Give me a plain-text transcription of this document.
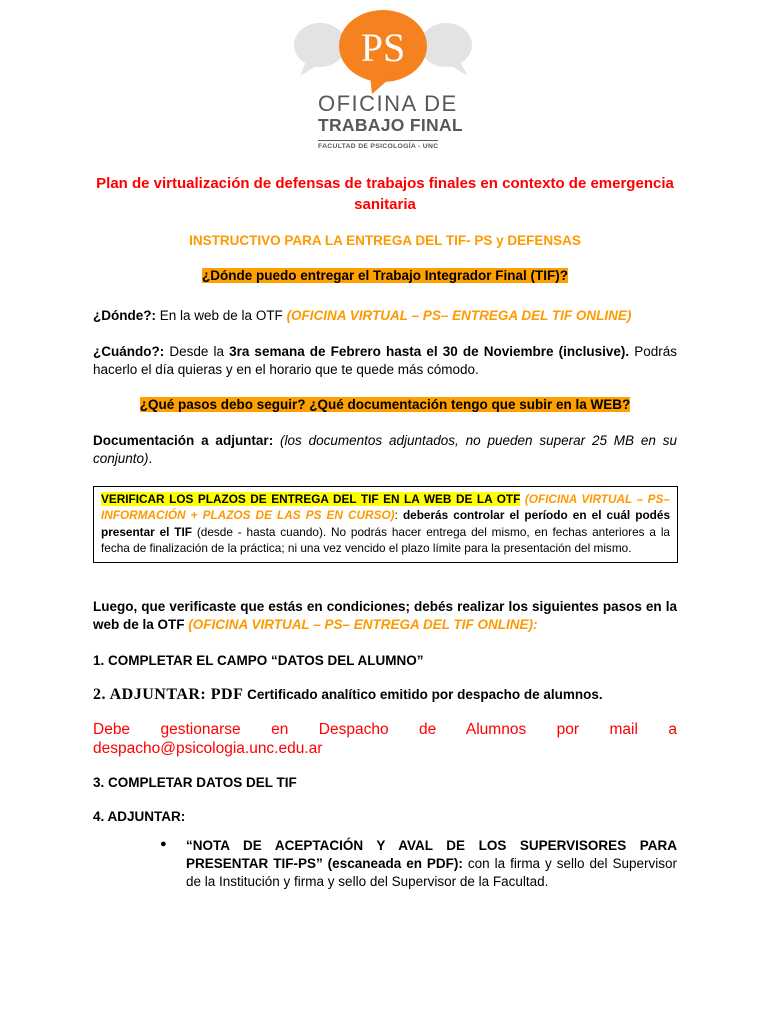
PS
OFICINA DE
TRABAJO FINAL
FACULTAD DE PSICOLOGÍA - UNC
Plan de virtualización de defensas de trabajos finales en contexto de emergencia sanitaria
INSTRUCTIVO PARA LA ENTREGA DEL TIF- PS y DEFENSAS
¿Dónde puedo entregar el Trabajo Integrador Final (TIF)?
¿Dónde?: En la web de la OTF (OFICINA VIRTUAL – PS– ENTREGA DEL TIF ONLINE)
¿Cuándo?: Desde la 3ra semana de Febrero hasta el 30 de Noviembre (inclusive). Podrás hacerlo el día quieras y en el horario que te quede más cómodo.
¿Qué pasos debo seguir? ¿Qué documentación tengo que subir en la WEB?
Documentación a adjuntar: (los documentos adjuntados, no pueden superar 25 MB en su conjunto).
VERIFICAR LOS PLAZOS DE ENTREGA DEL TIF EN LA WEB DE LA OTF (OFICINA VIRTUAL – PS– INFORMACIÓN + PLAZOS DE LAS PS EN CURSO): deberás controlar el período en el cuál podés presentar el TIF (desde - hasta cuando). No podrás hacer entrega del mismo, en fechas anteriores a la fecha de finalización de la práctica; ni una vez vencido el plazo límite para la presentación del mismo.
Luego, que verificaste que estás en condiciones; debés realizar los siguientes pasos en la web de la OTF (OFICINA VIRTUAL – PS– ENTREGA DEL TIF ONLINE):
1. COMPLETAR EL CAMPO “DATOS DEL ALUMNO”
2. ADJUNTAR: PDF Certificado analítico emitido por despacho de alumnos.
Debe gestionarse en Despacho de Alumnos por mail a despacho@psicologia.unc.edu.ar
3. COMPLETAR DATOS DEL TIF
4. ADJUNTAR:
● “NOTA DE ACEPTACIÓN Y AVAL DE LOS SUPERVISORES PARA PRESENTAR TIF-PS” (escaneada en PDF): con la firma y sello del Supervisor de la Institución y firma y sello del Supervisor de la Facultad.
